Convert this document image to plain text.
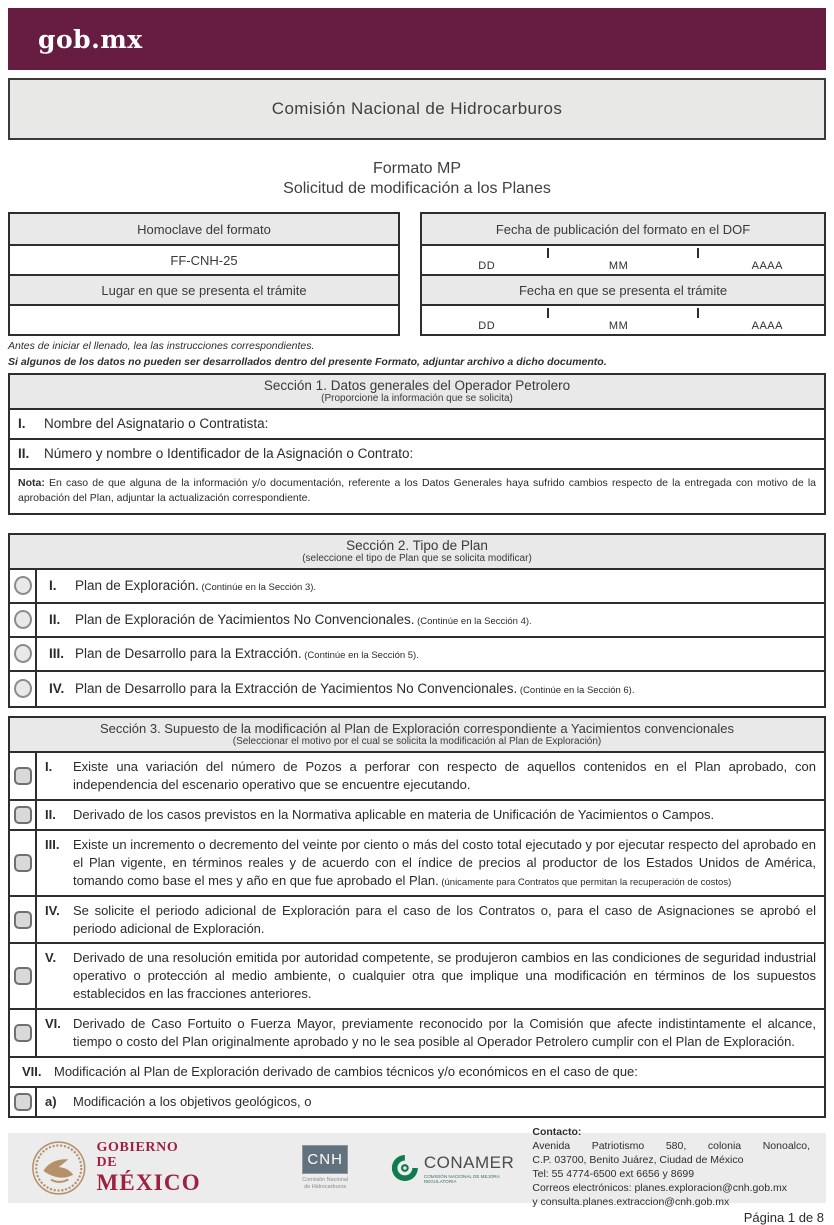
gob.mx
Comisión Nacional de Hidrocarburos
Formato MP
Solicitud de modificación a los Planes
Homoclave del formato
FF-CNH-25
Lugar en que se presenta el trámite
Fecha de publicación del formato en el DOF
DD	MM	AAAA
Fecha en que se presenta el trámite
DD	MM	AAAA
Antes de iniciar el llenado, lea las instrucciones correspondientes.
Si algunos de los datos no pueden ser desarrollados dentro del presente Formato, adjuntar archivo a dicho documento.
Sección 1. Datos generales del Operador Petrolero
(Proporcione la información que se solicita)
I.	Nombre del Asignatario o Contratista:
II.	Número y nombre o Identificador de la Asignación o Contrato:
Nota: En caso de que alguna de la información y/o documentación, referente a los Datos Generales haya sufrido cambios respecto de la entregada con motivo de la aprobación del Plan, adjuntar la actualización correspondiente.
Sección 2. Tipo de Plan
(seleccione el tipo de Plan que se solicita modificar)
I. Plan de Exploración. (Continúe en la Sección 3).
II. Plan de Exploración de Yacimientos No Convencionales. (Continúe en la Sección 4).
III. Plan de Desarrollo para la Extracción. (Continúe en la Sección 5).
IV. Plan de Desarrollo para la Extracción de Yacimientos No Convencionales. (Continúe en la Sección 6).
Sección 3. Supuesto de la modificación al Plan de Exploración correspondiente a Yacimientos convencionales
(Seleccionar el motivo por el cual se solicita la modificación al Plan de Exploración)
I.	Existe una variación del número de Pozos a perforar con respecto de aquellos contenidos en el Plan aprobado, con independencia del escenario operativo que se encuentre ejecutando.
II.	Derivado de los casos previstos en la Normativa aplicable en materia de Unificación de Yacimientos o Campos.
III.	Existe un incremento o decremento del veinte por ciento o más del costo total ejecutado y por ejecutar respecto del aprobado en el Plan vigente, en términos reales y de acuerdo con el índice de precios al productor de los Estados Unidos de América, tomando como base el mes y año en que fue aprobado el Plan. (únicamente para Contratos que permitan la recuperación de costos)
IV.	Se solicite el periodo adicional de Exploración para el caso de los Contratos o, para el caso de Asignaciones se aprobó el periodo adicional de Exploración.
V.	Derivado de una resolución emitida por autoridad competente, se produjeron cambios en las condiciones de seguridad industrial operativo o protección al medio ambiente, o cualquier otra que implique una modificación en términos de los supuestos establecidos en las fracciones anteriores.
VI. Derivado de Caso Fortuito o Fuerza Mayor, previamente reconocido por la Comisión que afecte indistintamente el alcance, tiempo o costo del Plan originalmente aprobado y no le sea posible al Operador Petrolero cumplir con el Plan de Exploración.
VII. Modificación al Plan de Exploración derivado de cambios técnicos y/o económicos en el caso de que:
a)	Modificación a los objetivos geológicos, o
GOBIERNO DE
MÉXICO
CNH
Comisión Nacional
de Hidrocarburos
CONAMER
COMISIÓN NACIONAL DE MEJORA REGULATORIA
Contacto:
Avenida Patriotismo 580, colonia Nonoalco,
C.P. 03700, Benito Juárez, Ciudad de México
Tel: 55 4774-6500 ext 6656 y 8699
Correos electrónicos: planes.exploracion@cnh.gob.mx
y consulta.planes.extraccion@cnh.gob.mx
Página 1 de 8
